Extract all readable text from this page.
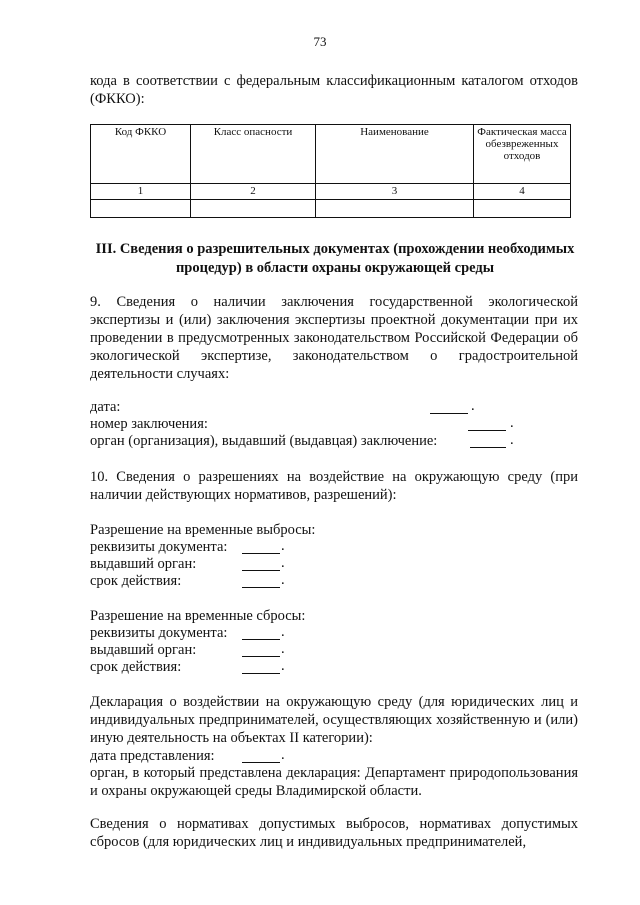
73
кода в соответствии с федеральным классификационным каталогом отходов (ФККО):
Код ФККО	Класс опасности	Наименование	Фактическая масса обезвреженных отходов
1	2	3	4

III. Сведения о разрешительных документах (прохождении необходимых процедур) в области охраны окружающей среды
9. Сведения о наличии заключения государственной экологической экспертизы и (или) заключения экспертизы проектной документации при их проведении в предусмотренных законодательством Российской Федерации об экологической экспертизе, законодательством о градостроительной деятельности случаях:
дата:	.
номер заключения:	.
орган (организация), выдавший (выдавцая) заключение:	.
10. Сведения о разрешениях на воздействие на окружающую среду (при наличии действующих нормативов, разрешений):
Разрешение на временные выбросы:
реквизиты документа:	.
выдавший орган:	.
срок действия:	.
Разрешение на временные сбросы:
реквизиты документа:	.
выдавший орган:	.
срок действия:	.
Декларация о воздействии на окружающую среду (для юридических лиц и индивидуальных предпринимателей, осуществляющих хозяйственную и (или) иную деятельность на объектах II категории):
дата представления:	.
орган, в который представлена декларация: Департамент природопользования и охраны окружающей среды Владимирской области.
Сведения о нормативах допустимых выбросов, нормативах допустимых сбросов (для юридических лиц и индивидуальных предпринимателей,
